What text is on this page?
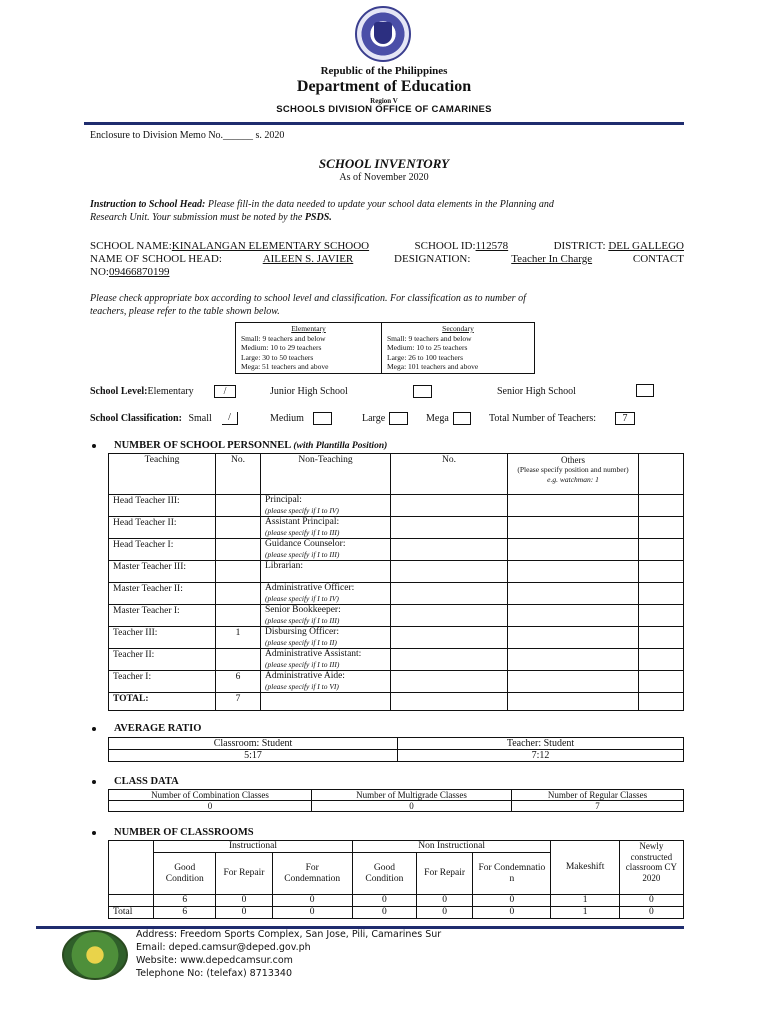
Republic of the Philippines
Department of Education
Region V
SCHOOLS DIVISION OFFICE OF CAMARINES
Enclosure to Division Memo No.______ s. 2020
SCHOOL INVENTORY
As of November 2020
Instruction to School Head: Please fill-in the data needed to update your school data elements in the Planning and
Research Unit. Your submission must be noted by the PSDS.
SCHOOL NAME:KINALANGAN ELEMENTARY SCHOOO	SCHOOL ID:112578	DISTRICT: DEL GALLEGO
NAME OF SCHOOL HEAD:	AILEEN S. JAVIER	DESIGNATION:	Teacher In Charge	CONTACT
NO:09466870199
Please check appropriate box according to school level and classification. For classification as to number of
teachers, please refer to the table shown below.
Elementary
Small: 9 teachers and below
Medium: 10 to 29 teachers
Large: 30 to 50 teachers
Mega: 51 teachers and above

Secondary
Small: 9 teachers and below
Medium: 10 to 25 teachers
Large: 26 to 100 teachers
Mega: 101 teachers and above
School Level:Elementary	/	Junior High School	Senior High School
School Classification: Small	/	Medium	Large	Mega	Total Number of Teachers:	7
NUMBER OF SCHOOL PERSONNEL (with Plantilla Position)
Teaching	No.	Non-Teaching	No.	Others
(Please specify position and number)
e.g. watchman: 1	

Head Teacher III:		Principal:
(please specify if I to IV)			

Head Teacher II:		Assistant Principal:
(please specify if I to III)			

Head Teacher I:		Guidance Counselor:
(please specify if I to III)			

Master Teacher III:		Librarian:

Master Teacher II:		Administrative Officer:
(please specify if I to IV)			

Master Teacher I:		Senior Bookkeeper:
(please specify if I to III)			

Teacher III:	1	Disbursing Officer:
(please specify if I to II)			

Teacher II:		Administrative Assistant:
(please specify if I to III)			

Teacher I:	6	Administrative Aide:
(please specify if I to VI)			

TOTAL:	7				
AVERAGE RATIO
Classroom: Student	Teacher: Student
5:17	7:12
CLASS DATA
Number of Combination Classes	Number of Multigrade Classes	Number of Regular Classes
0	0	7
NUMBER OF CLASSROOMS
	Instructional			Non Instructional			Makeshift	Newly constructed classroom CY 2020
	Good Condition	For Repair	For Condemnation	Good Condition	For Repair	For Condemnatio n		
	6	0	0	0	0	0	1	0
Total	6	0	0	0	0	0	1	0
Address: Freedom Sports Complex, San Jose, Pili, Camarines Sur
Email: deped.camsur@deped.gov.ph
Website: www.depedcamsur.com
Telephone No: (telefax) 8713340
